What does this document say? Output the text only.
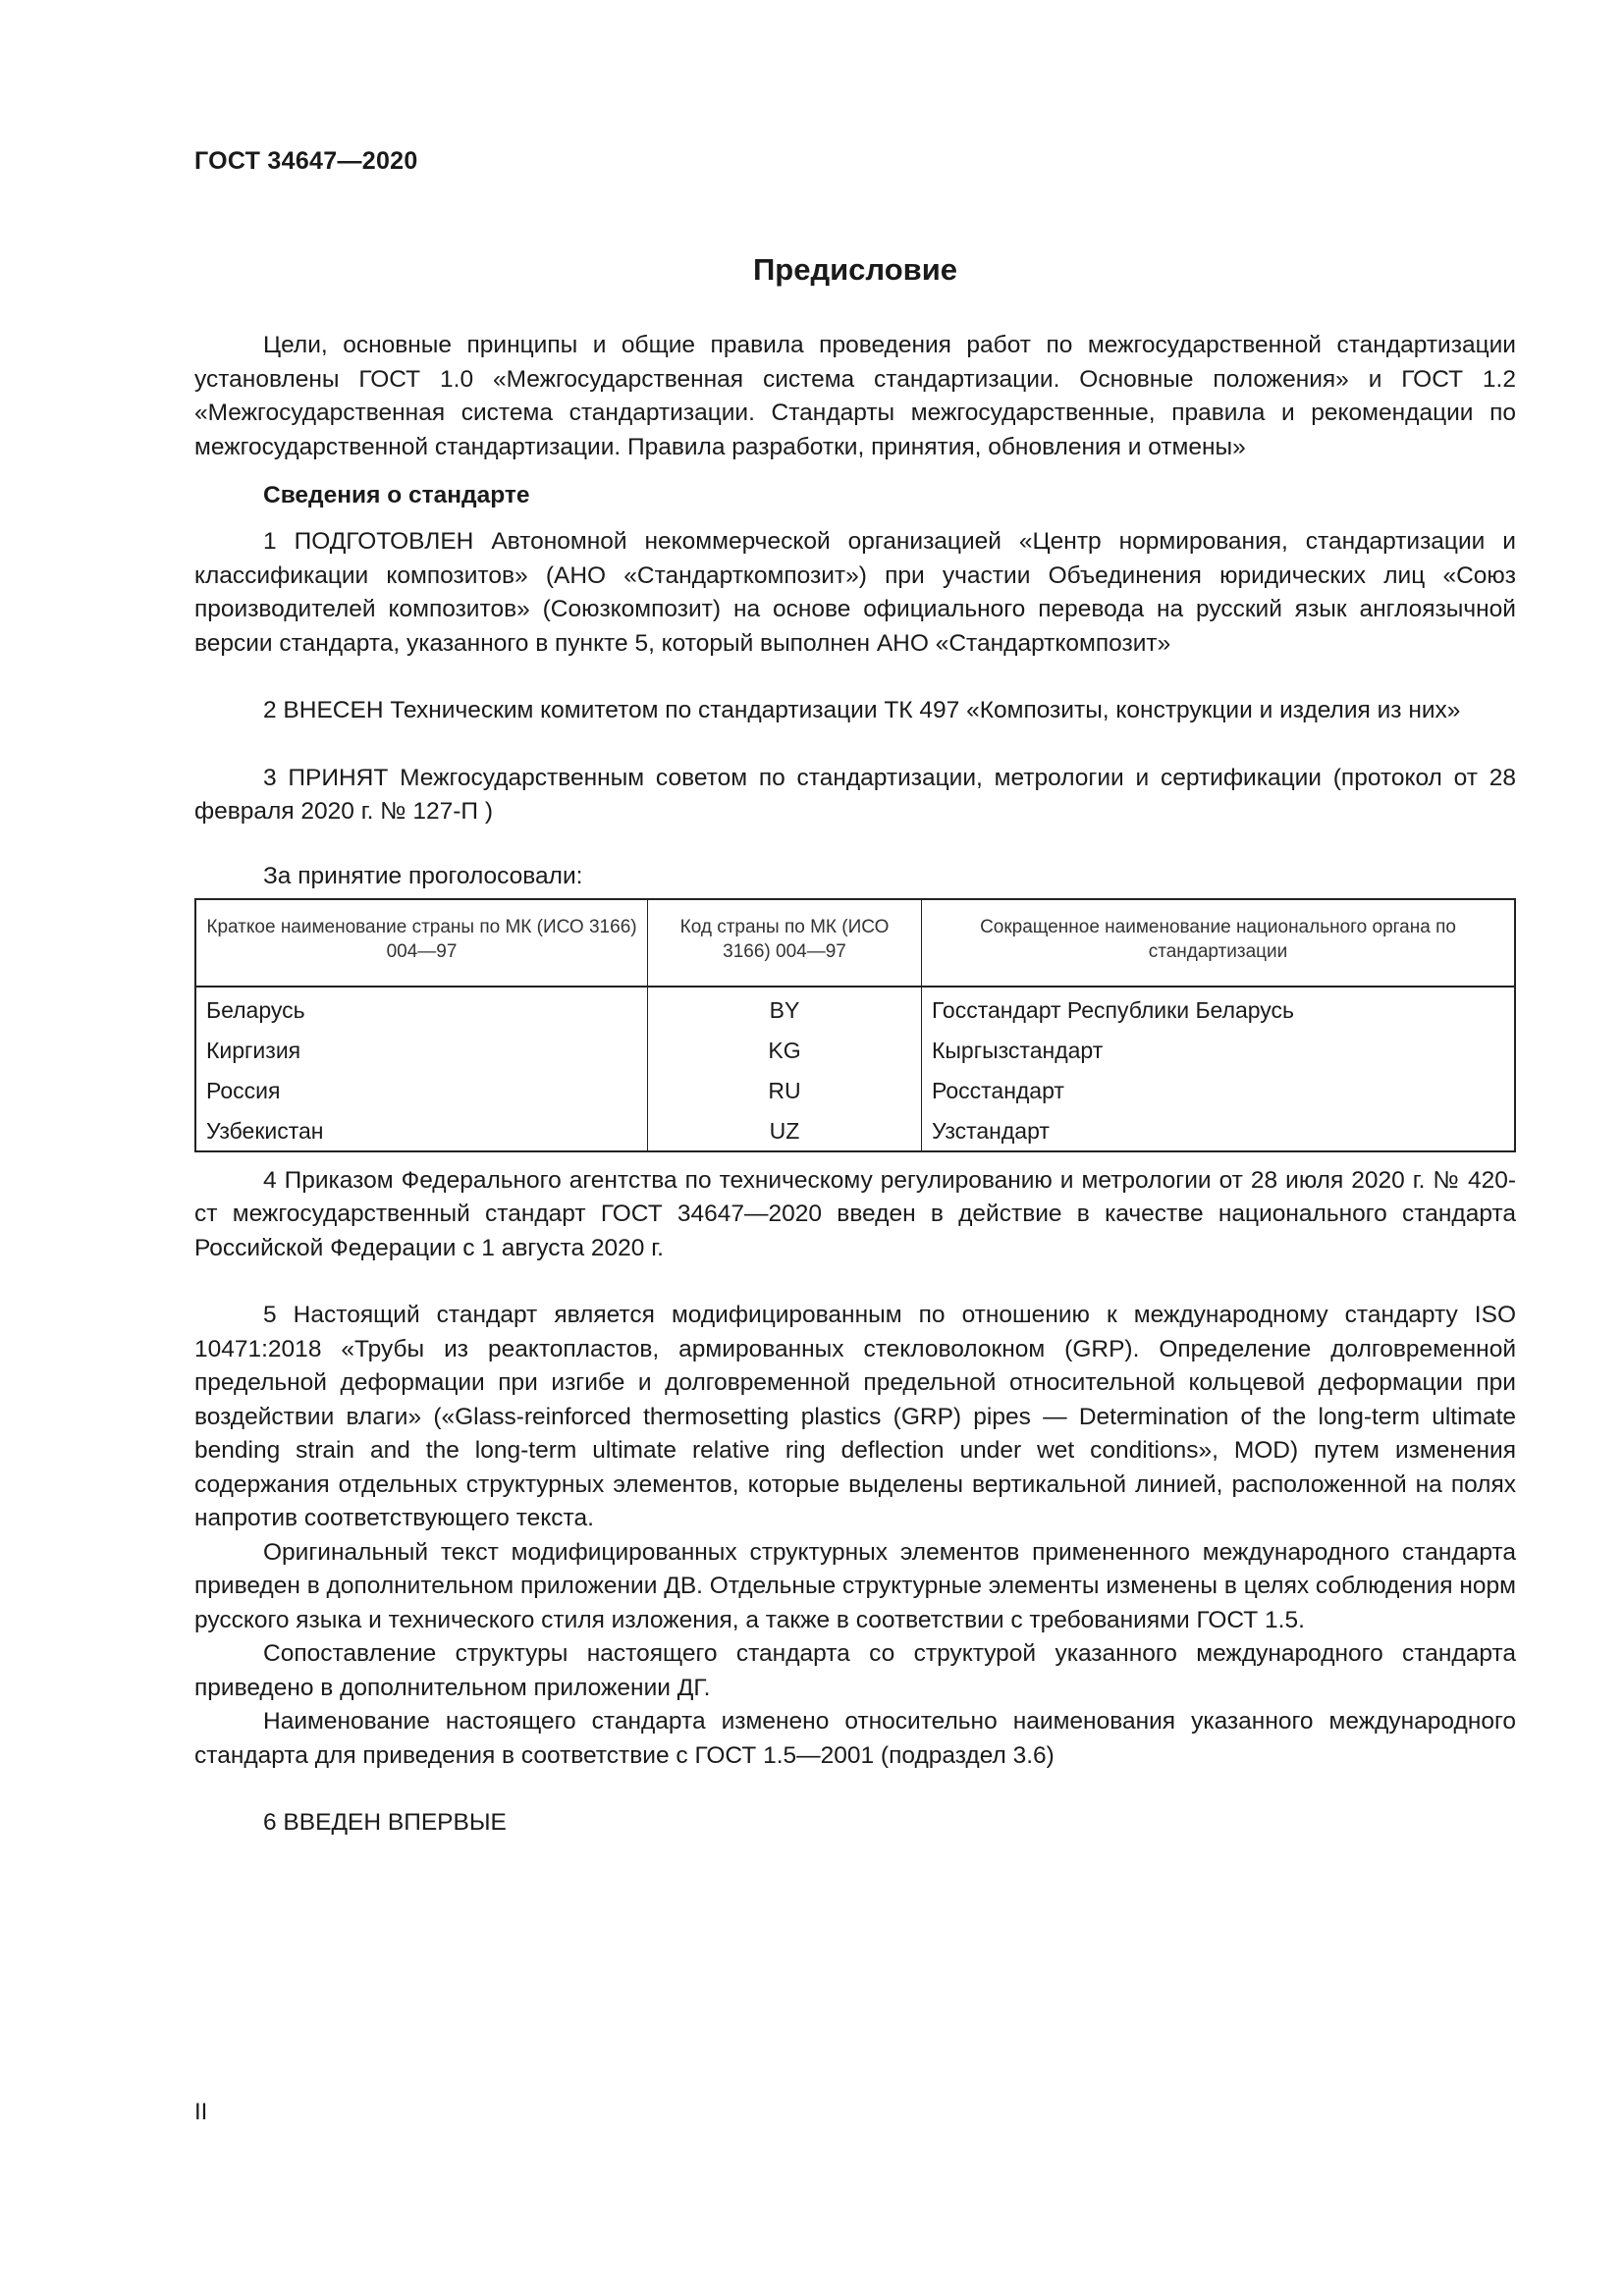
ГОСТ 34647—2020
Предисловие

Цели, основные принципы и общие правила проведения работ по межгосударственной стандартизации установлены ГОСТ 1.0 «Межгосударственная система стандартизации. Основные положения» и ГОСТ 1.2 «Межгосударственная система стандартизации. Стандарты межгосударственные, правила и рекомендации по межгосударственной стандартизации. Правила разработки, принятия, обновления и отмены»

Сведения о стандарте

1 ПОДГОТОВЛЕН Автономной некоммерческой организацией «Центр нормирования, стандартизации и классификации композитов» (АНО «Стандарткомпозит») при участии Объединения юридических лиц «Союз производителей композитов» (Союзкомпозит) на основе официального перевода на русский язык англоязычной версии стандарта, указанного в пункте 5, который выполнен АНО «Стандарткомпозит»

2 ВНЕСЕН Техническим комитетом по стандартизации ТК 497 «Композиты, конструкции и изделия из них»

3 ПРИНЯТ Межгосударственным советом по стандартизации, метрологии и сертификации (протокол от 28 февраля 2020 г. № 127-П )

За принятие проголосовали:
Краткое наименование страны по МК (ИСО 3166) 004—97	Код страны по МК (ИСО 3166) 004—97	Сокращенное наименование национального органа по стандартизации
Беларусь	BY	Госстандарт Республики Беларусь
Киргизия	KG	Кыргызстандарт
Россия	RU	Росстандарт
Узбекистан	UZ	Узстандарт

4 Приказом Федерального агентства по техническому регулированию и метрологии от 28 июля 2020 г. № 420-ст межгосударственный стандарт ГОСТ 34647—2020 введен в действие в качестве национального стандарта Российской Федерации с 1 августа 2020 г.

5 Настоящий стандарт является модифицированным по отношению к международному стандарту ISO 10471:2018 «Трубы из реактопластов, армированных стекловолокном (GRP). Определение долговременной предельной деформации при изгибе и долговременной предельной относительной кольцевой деформации при воздействии влаги» («Glass-reinforced thermosetting plastics (GRP) pipes — Determination of the long-term ultimate bending strain and the long-term ultimate relative ring deflection under wet conditions», MOD) путем изменения содержания отдельных структурных элементов, которые выделены вертикальной линией, расположенной на полях напротив соответствующего текста.

Оригинальный текст модифицированных структурных элементов примененного международного стандарта приведен в дополнительном приложении ДВ. Отдельные структурные элементы изменены в целях соблюдения норм русского языка и технического стиля изложения, а также в соответствии с требованиями ГОСТ 1.5.

Сопоставление структуры настоящего стандарта со структурой указанного международного стандарта приведено в дополнительном приложении ДГ.

Наименование настоящего стандарта изменено относительно наименования указанного международного стандарта для приведения в соответствие с ГОСТ 1.5—2001 (подраздел 3.6)

6 ВВЕДЕН ВПЕРВЫЕ

II
